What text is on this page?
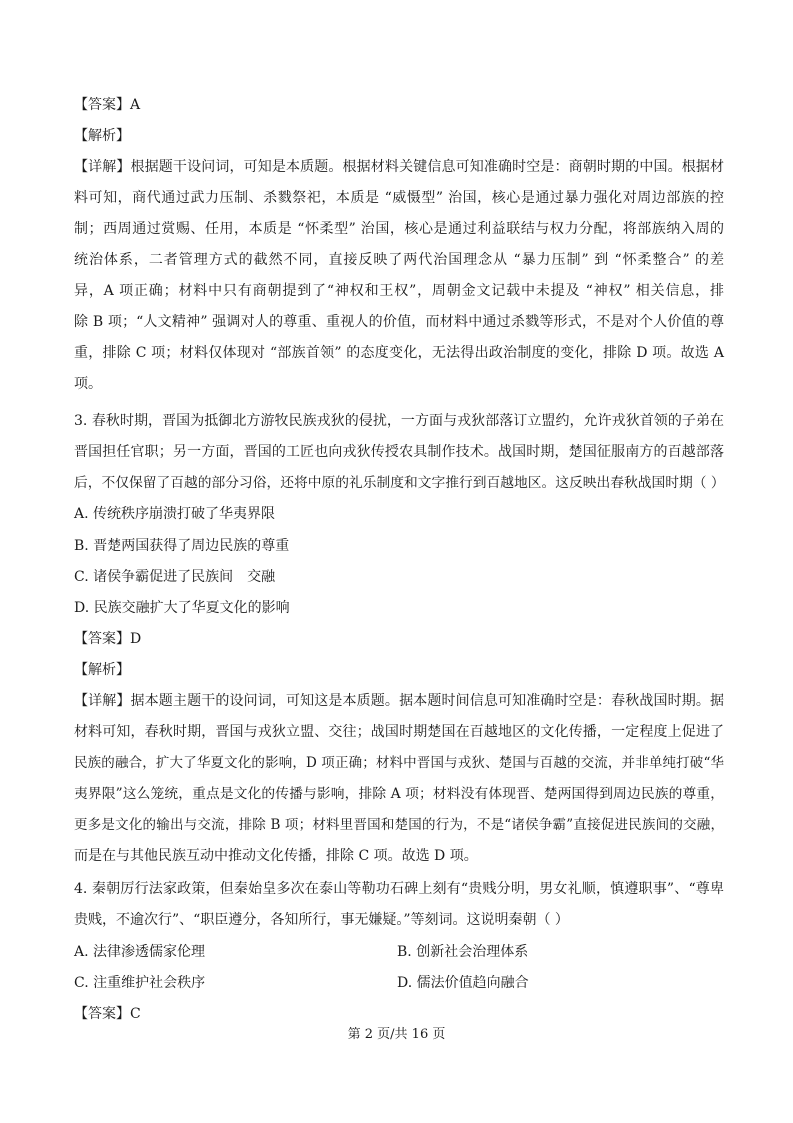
【答案】A
【解析】
【详解】根据题干设问词，可知是本质题。根据材料关键信息可知准确时空是：商朝时期的中国。根据材
料可知，商代通过武力压制、杀戮祭祀，本质是 “威慑型” 治国，核心是通过暴力强化对周边部族的控
制；西周通过赏赐、任用，本质是 “怀柔型” 治国，核心是通过利益联结与权力分配，将部族纳入周的
统治体系，二者管理方式的截然不同，直接反映了两代治国理念从 “暴力压制” 到 “怀柔整合” 的差
异，A 项正确；材料中只有商朝提到了“神权和王权”，周朝金文记载中未提及 “神权” 相关信息，排
除 B 项；“人文精神” 强调对人的尊重、重视人的价值，而材料中通过杀戮等形式，不是对个人价值的尊
重，排除 C 项；材料仅体现对 “部族首领” 的态度变化，无法得出政治制度的变化，排除 D 项。故选 A
项。
3. 春秋时期，晋国为抵御北方游牧民族戎狄的侵扰，一方面与戎狄部落订立盟约，允许戎狄首领的子弟在
晋国担任官职；另一方面，晋国的工匠也向戎狄传授农具制作技术。战国时期，楚国征服南方的百越部落
后，不仅保留了百越的部分习俗，还将中原的礼乐制度和文字推行到百越地区。这反映出春秋战国时期（ ）
A. 传统秩序崩溃打破了华夷界限
B. 晋楚两国获得了周边民族的尊重
C. 诸侯争霸促进了民族间　交融
D. 民族交融扩大了华夏文化的影响
【答案】D
【解析】
【详解】据本题主题干的设问词，可知这是本质题。据本题时间信息可知准确时空是：春秋战国时期。据
材料可知，春秋时期，晋国与戎狄立盟、交往；战国时期楚国在百越地区的文化传播，一定程度上促进了
民族的融合，扩大了华夏文化的影响，D 项正确；材料中晋国与戎狄、楚国与百越的交流，并非单纯打破“华
夷界限”这么笼统，重点是文化的传播与影响，排除 A 项；材料没有体现晋、楚两国得到周边民族的尊重，
更多是文化的输出与交流，排除 B 项；材料里晋国和楚国的行为，不是“诸侯争霸”直接促进民族间的交融，
而是在与其他民族互动中推动文化传播，排除 C 项。故选 D 项。
4. 秦朝厉行法家政策，但秦始皇多次在泰山等勒功石碑上刻有“贵贱分明，男女礼顺，慎遵职事”、“尊卑
贵贱，不逾次行”、“职臣遵分，各知所行，事无嫌疑。”等刻词。这说明秦朝（ ）
A. 法律渗透儒家伦理	B. 创新社会治理体系
C. 注重维护社会秩序	D. 儒法价值趋向融合
【答案】C
第 2 页/共 16 页
